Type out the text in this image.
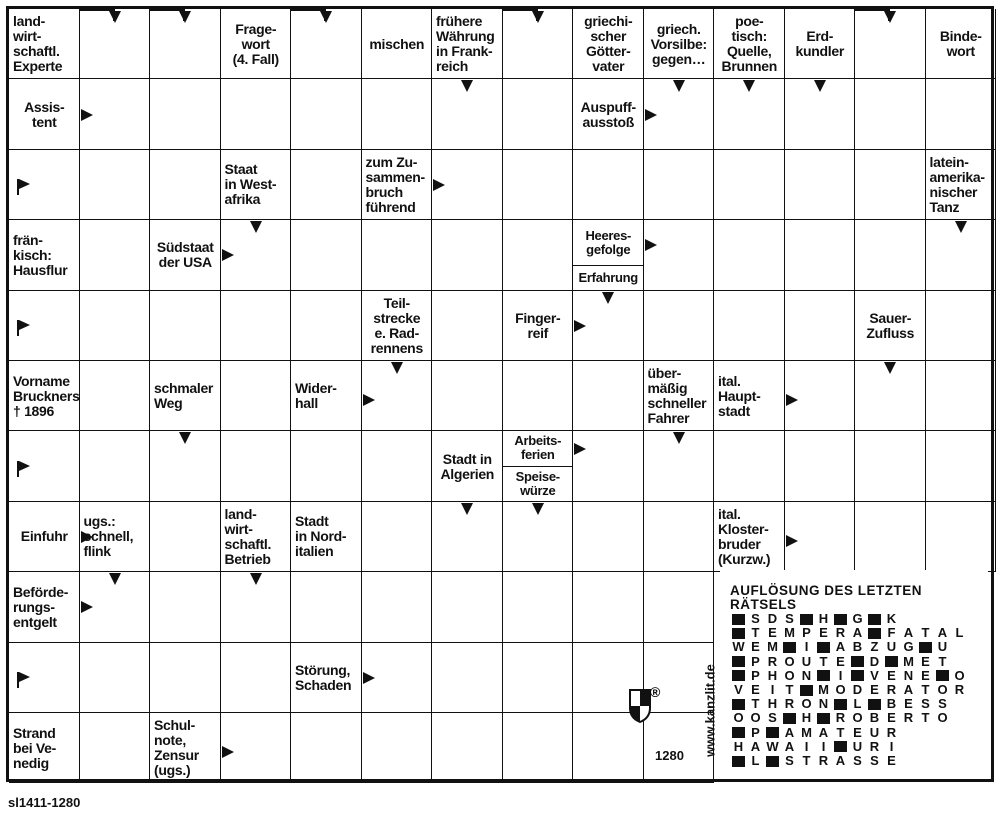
land-
wirt-
schaftl.
Experte
Frage-
wort
(4. Fall)
mischen
frühere
Währung
in Frank-
reich
griechi-
scher
Götter-
vater
griech.
Vorsilbe:
gegen…
poe-
tisch:
Quelle,
Brunnen
Erd-
kundler
Binde-
wort
Assis-
tent
Auspuff-
ausstoß
Staat
in West-
afrika
zum Zu-
sammen-
bruch
führend
latein-
amerika-
nischer
Tanz
frän-
kisch:
Hausflur
Südstaat
der USA
Heeres-
gefolge
Erfahrung
Teil-
strecke
e. Rad-
rennens
Finger-
reif
Sauer-
Zufluss
Vorname
Bruckners
† 1896
schmaler
Weg
Wider-
hall
über-
mäßig
schneller
Fahrer
ital.
Haupt-
stadt
Stadt in
Algerien
Arbeits-
ferien
Speise-
würze
Einfuhr
ugs.:
schnell,
flink
land-
wirt-
schaftl.
Betrieb
Stadt
in Nord-
italien
ital.
Kloster-
bruder
(Kurzw.)
Beförde-
rungs-
entgelt
Störung,
Schaden
Strand
bei Ve-
nedig
Schul-
note,
Zensur
(ugs.)
AUFLÖSUNG DES LETZTEN
RÄTSELS
S D S	H G K
T E M P E R A	F A T A L
W E M	I	A B Z U G U
P R O U T E	D M E T
P H O N	I	V E N E	O
V E I T	M O D E R A T O R
T H R O N	L	B E S S
O O S	H R O B E R T O
P	A M A T E U R
H A W A I	I	U R I
L	S T R A S S E
®	www.kanzlit.de
1280
sl1411-1280
